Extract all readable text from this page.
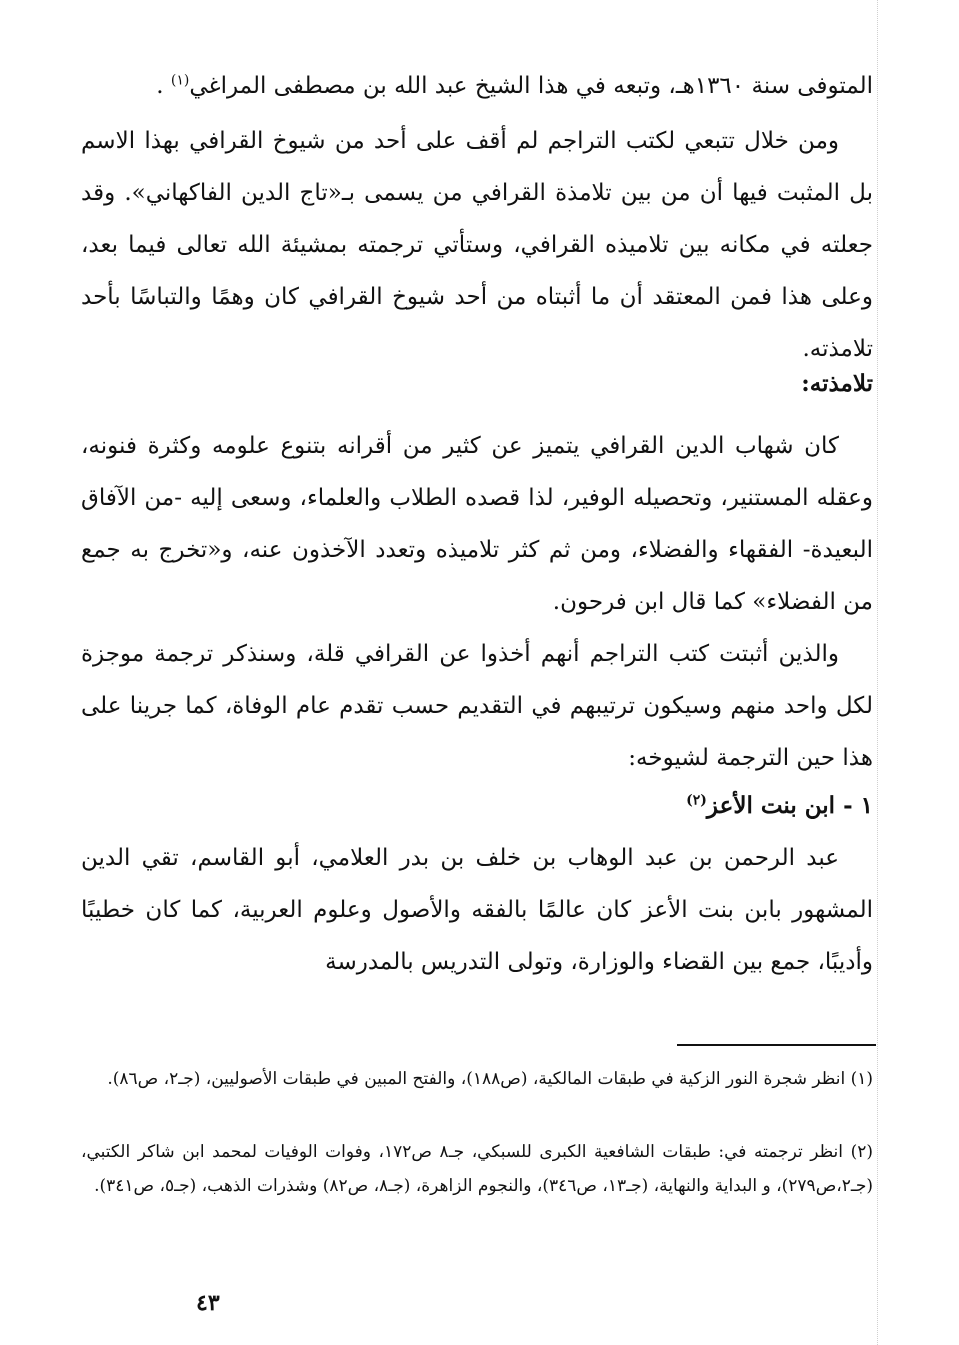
المتوفى سنة ١٣٦٠هـ، وتبعه في هذا الشيخ عبد الله بن مصطفى المراغي$^{(١)}$ .

ومن خلال تتبعي لكتب التراجم لم أقف على أحد من شيوخ القرافي بهذا الاسم بل المثبت فيها أن من بين تلامذة القرافي من يسمى بـ«تاج الدين الفاكهاني». وقد جعلته في مكانه بين تلاميذه القرافي، وستأتي ترجمته بمشيئة الله تعالى فيما بعد، وعلى هذا فمن المعتقد أن ما أثبتاه من أحد شيوخ القرافي كان وهمًا والتباسًا بأحد تلامذته.

تلامذته:

كان شهاب الدين القرافي يتميز عن كثير من أقرانه بتنوع علومه وكثرة فنونه، وعقله المستنير، وتحصيله الوفير، لذا قصده الطلاب والعلماء، وسعى إليه -من الآفاق البعيدة- الفقهاء والفضلاء، ومن ثم كثر تلاميذه وتعدد الآخذون عنه، و«تخرج به جمع من الفضلاء» كما قال ابن فرحون.

والذين أثبتت كتب التراجم أنهم أخذوا عن القرافي قلة، وسنذكر ترجمة موجزة لكل واحد منهم وسيكون ترتيبهم في التقديم حسب تقدم عام الوفاة، كما جرينا على هذا حين الترجمة لشيوخه:

١ - ابن بنت الأعز$^{(٢)}$

عبد الرحمن بن عبد الوهاب بن خلف بن بدر العلامي، أبو القاسم، تقي الدين المشهور بابن بنت الأعز كان عالمًا بالفقه والأصول وعلوم العربية، كما كان خطيبًا وأديبًا، جمع بين القضاء والوزارة، وتولى التدريس بالمدرسة

(١) انظر شجرة النور الزكية في طبقات المالكية، (ص١٨٨)، والفتح المبين في طبقات الأصوليين، (جـ٢، ص٨٦).

(٢) انظر ترجمته في: طبقات الشافعية الكبرى للسبكي، جـ٨ ص١٧٢، وفوات الوفيات لمحمد ابن شاكر الكتبي، (جـ٢،ص٢٧٩)، و البداية والنهاية، (جـ١٣، ص٣٤٦)، والنجوم الزاهرة، (جـ٨، ص٨٢) وشذرات الذهب، (جـ٥، ص٣٤١).

٤٣
